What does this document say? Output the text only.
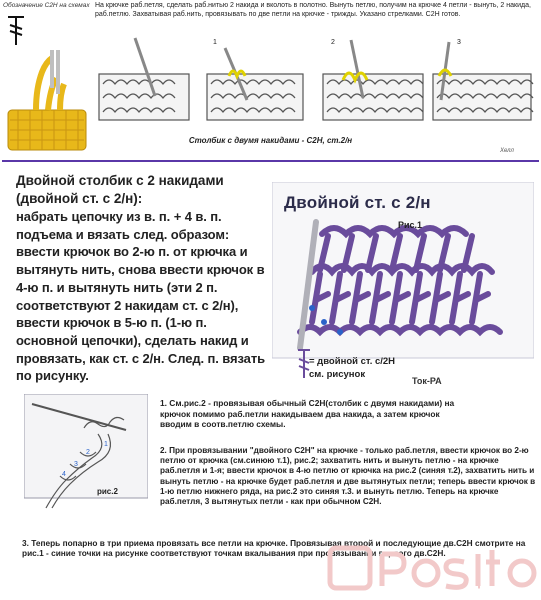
Обозначение С2Н на схемах На крючке раб.петля, сделать раб.нитью 2 накида и вколоть в полотно. Вынуть петлю, получим на крючке 4 петли - вынуть, 2 накида, раб.петлю. Захватывая раб.нить, провязывать по две петли на крючке - трижды. Указано стрелками. С2Н готов.
1	2	3
Столбик с двумя накидами - С2Н, ст.2/н
Хелл
Двойной столбик с 2 накидами (двойной ст. с 2/н):
набрать цепочку из в. п. + 4 в. п. подъема и вязать след. образом: ввести крючок во 2-ю п. от крючка и вытянуть нить, снова ввести крючок в 4-ю п. и вытянуть нить (эти 2 п. соответствуют 2 накидам ст. с 2/н), ввести крючок в 5-ю п. (1-ю п. основной цепочки), сделать накид и провязать, как ст. с 2/н. След. п. вязать по рисунку.
Двойной ст. с 2/н
Рис.1
= двойной ст. с/2Н
см. рисунок
Ток-РА
1
2
3
4
рис.2
1. См.рис.2 - провязывая обычный С2Н(столбик с двумя накидами) на крючок помимо раб.петли накидываем два накида, а затем крючок вводим в соотв.петлю схемы.
2. При провязывании "двойного С2Н" на крючке - только раб.петля, ввести крючок во 2-ю петлю от крючка (см.синюю т.1), рис.2; захватить нить и вынуть петлю - на крючке раб.петля и 1-я; ввести крючок в 4-ю петлю от крючка на рис.2 (синяя т.2), захватить нить и вынуть петлю - на крючке будет раб.петля и две вытянутых петли; теперь ввести крючок в 1-ю петлю нижнего ряда, на рис.2 это синяя т.3. и вынуть петлю. Теперь на крючке раб.петля, 3 вытянутых петли - как при обычном С2Н.
3. Теперь попарно в три приема провязать все петли на крючке. Провязывая второй и последующие дв.С2Н смотрите на рис.1 - синие точки на рисунке соответствуют точкам вкалывания при провязывании первого дв.С2Н.
